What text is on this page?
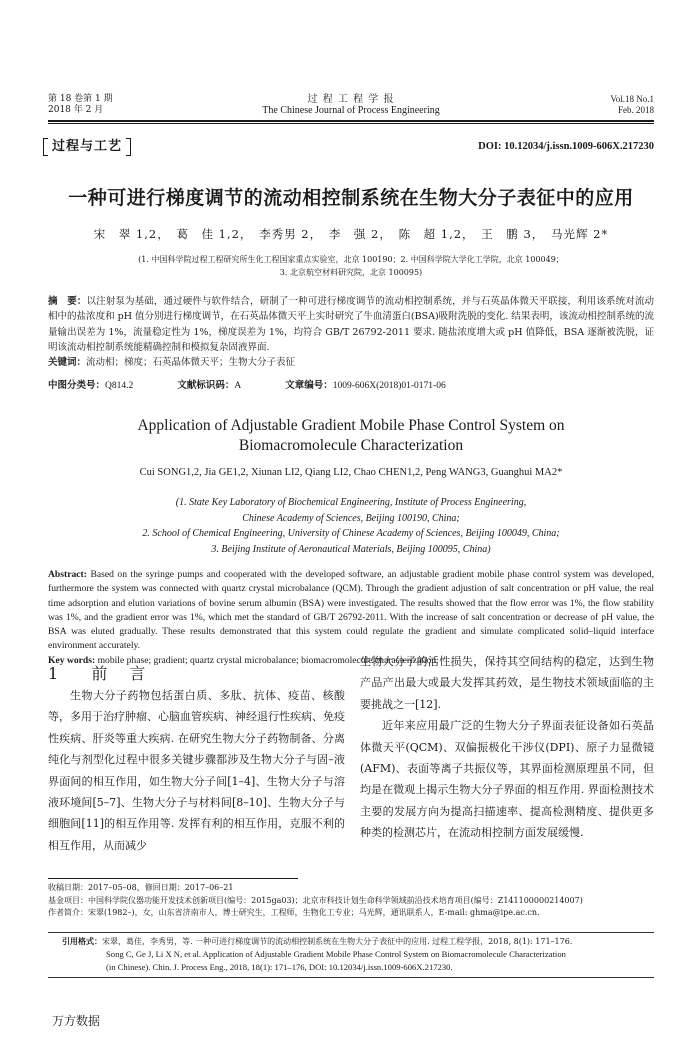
第 18 卷第 1 期
2018 年 2 月
过 程 工 程 学 报
The Chinese Journal of Process Engineering
Vol.18 No.1
Feb. 2018
过程与工艺	DOI: 10.12034/j.issn.1009-606X.217230
一种可进行梯度调节的流动相控制系统在生物大分子表征中的应用
宋　翠 1,2，　葛　佳 1,2，　李秀男 2，　李　强 2，　陈　超 1,2，　王　鹏 3，　马光辉 2*
(1. 中国科学院过程工程研究所生化工程国家重点实验室，北京 100190；2. 中国科学院大学化工学院，北京 100049；
3. 北京航空材料研究院，北京 100095)
摘　要：以注射泵为基础，通过硬件与软件结合，研制了一种可进行梯度调节的流动相控制系统，并与石英晶体微天平联接，利用该系统对流动相中的盐浓度和 pH 值分别进行梯度调节，在石英晶体微天平上实时研究了牛血清蛋白(BSA)吸附洗脱的变化. 结果表明，该流动相控制系统的流量输出误差为 1%，流量稳定性为 1%，梯度误差为 1%，均符合 GB/T 26792-2011 要求. 随盐浓度增大或 pH 值降低，BSA 逐渐被洗脱，证明该流动相控制系统能精确控制和模拟复杂固液界面.
关键词：流动相；梯度；石英晶体微天平；生物大分子表征
中图分类号：Q814.2	文献标识码：A	文章编号：1009-606X(2018)01-0171-06
Application of Adjustable Gradient Mobile Phase Control System on
Biomacromolecule Characterization
Cui SONG1,2, Jia GE1,2, Xiunan LI2, Qiang LI2, Chao CHEN1,2, Peng WANG3, Guanghui MA2*
(1. State Key Laboratory of Biochemical Engineering, Institute of Process Engineering,
Chinese Academy of Sciences, Beijing 100190, China;
2. School of Chemical Engineering, University of Chinese Academy of Sciences, Beijing 100049, China;
3. Beijing Institute of Aeronautical Materials, Beijing 100095, China)
Abstract: Based on the syringe pumps and cooperated with the developed software, an adjustable gradient mobile phase control system was developed, furthermore the system was connected with quartz crystal microbalance (QCM). Through the gradient adjustion of salt concentration or pH value, the real time adsorption and elution variations of bovine serum albumin (BSA) were investigated. The results showed that the flow error was 1%, the flow stability was 1%, and the gradient error was 1%, which met the standard of GB/T 26792-2011. With the increase of salt concentration or decrease of pH value, the BSA was eluted gradually. These results demonstrated that this system could regulate the gradient and simulate complicated solid–liquid interface environment accurately.
Key words: mobile phase; gradient; quartz crystal microbalance; biomacromolecule characterization
1 前　言

生物大分子药物包括蛋白质、多肽、抗体、疫苗、核酸等，多用于治疗肿瘤、心脑血管疾病、神经退行性疾病、免疫性疾病、肝炎等重大疾病. 在研究生物大分子药物制备、分离纯化与剂型化过程中很多关键步骤都涉及生物大分子与固–液界面间的相互作用，如生物大分子间[1–4]、生物大分子与溶液环境间[5–7]、生物大分子与材料间[8–10]、生物大分子与细胞间[11]的相互作用等. 发挥有利的相互作用，克服不利的相互作用，从而减少

生物大分子的活性损失，保持其空间结构的稳定，达到生物产品产出最大或最大发挥其药效，是生物技术领域面临的主要挑战之一[12].

近年来应用最广泛的生物大分子界面表征设备如石英晶体微天平(QCM)、双偏振极化干涉仪(DPI)、原子力显微镜(AFM)、表面等离子共振仪等，其界面检测原理虽不同，但均是在微观上揭示生物大分子界面的相互作用. 界面检测技术主要的发展方向为提高扫描速率、提高检测精度、提供更多种类的检测芯片，在流动相控制方面发展缓慢.

收稿日期：2017–05–08，修回日期：2017–06–21
基金项目：中国科学院仪器功能开发技术创新项目(编号：2015ga03)；北京市科技计划生命科学领域前沿技术培育项目(编号：Z141100000214007)
作者简介：宋翠(1982–)，女，山东省济南市人，博士研究生，工程师，生物化工专业；马光辉，通讯联系人，E-mail: ghma@ipe.ac.cn.
引用格式：宋翠，葛佳，李秀男，等. 一种可进行梯度调节的流动相控制系统在生物大分子表征中的应用. 过程工程学报，2018, 8(1): 171–176.
Song C, Ge J, Li X N, et al. Application of Adjustable Gradient Mobile Phase Control System on Biomacromolecule Characterization
(in Chinese). Chin. J. Process Eng., 2018, 18(1): 171–176, DOI: 10.12034/j.issn.1009-606X.217230.
万方数据
